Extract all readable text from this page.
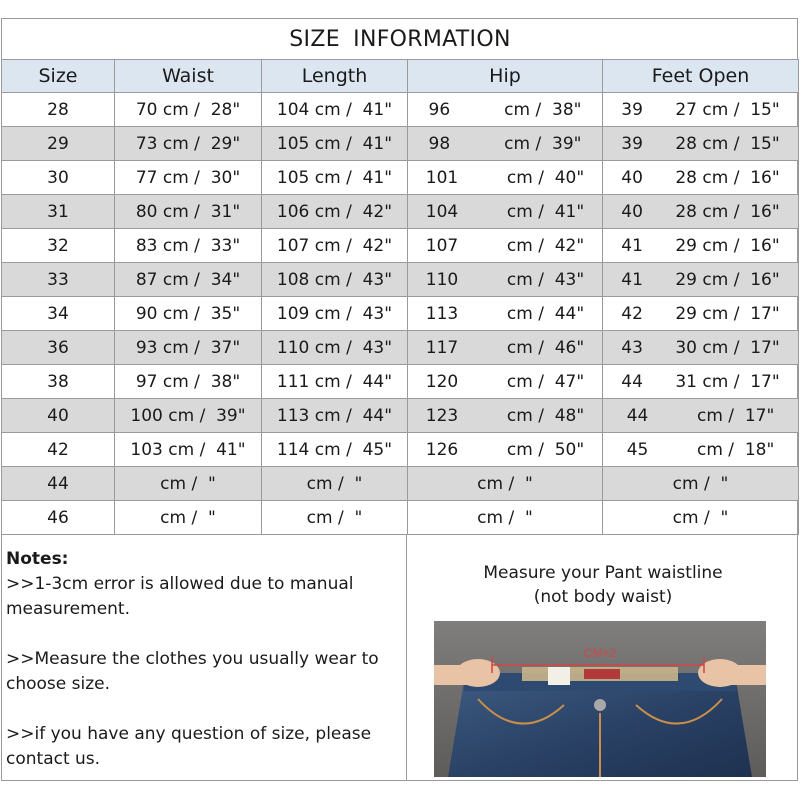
SIZE INFORMATION
Size	Waist	Length	Hip	Feet Open
28	70 cm /  28"	104 cm /  41"	96          cm /  38"	39      27 cm /  15"
29	73 cm /  29"	105 cm /  41"	98          cm /  39"	39      28 cm /  15"
30	77 cm /  30"	105 cm /  41"	101         cm /  40"	40      28 cm /  16"
31	80 cm /  31"	106 cm /  42"	104         cm /  41"	40      28 cm /  16"
32	83 cm /  33"	107 cm /  42"	107         cm /  42"	41      29 cm /  16"
33	87 cm /  34"	108 cm /  43"	110         cm /  43"	41      29 cm /  16"
34	90 cm /  35"	109 cm /  43"	113         cm /  44"	42      29 cm /  17"
36	93 cm /  37"	110 cm /  43"	117         cm /  46"	43      30 cm /  17"
38	97 cm /  38"	111 cm /  44"	120         cm /  47"	44      31 cm /  17"
40	100 cm /  39"	113 cm /  44"	123         cm /  48"	44         cm /  17"
42	103 cm /  41"	114 cm /  45"	126         cm /  50"	45         cm /  18"
44	cm /  "	cm /  "	cm /  "	cm /  "
46	cm /  "	cm /  "	cm /  "	cm /  "
Notes:

>>1-3cm error is allowed due to manual measurement.

>>Measure the clothes you usually wear to choose size.

>>if you have any question of size, please contact us.

Measure your Pant waistline
(not body waist)
CM×2
